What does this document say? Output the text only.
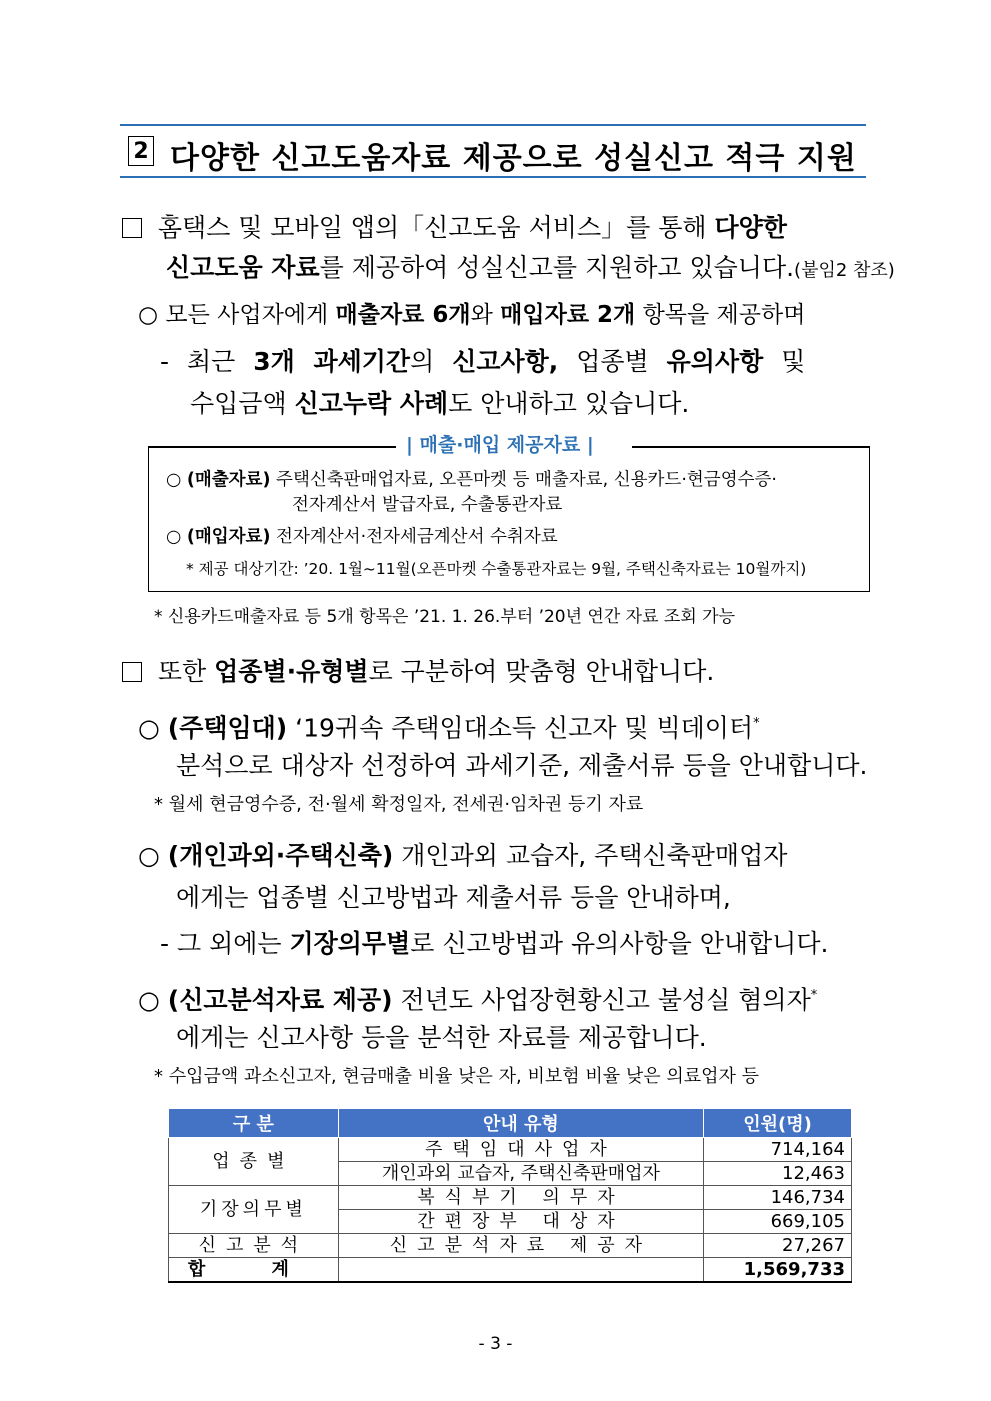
2 다양한 신고도움자료 제공으로 성실신고 적극 지원
홈택스 및 모바일 앱의「신고도움 서비스」를 통해 다양한
신고도움 자료를 제공하여 성실신고를 지원하고 있습니다.(붙임2 참조)
○ 모든 사업자에게 매출자료 6개와 매입자료 2개 항목을 제공하며
- 최근 3개 과세기간의 신고사항, 업종별 유의사항 및
수입금액 신고누락 사례도 안내하고 있습니다.
| 매출·매입 제공자료 |
○ (매출자료) 주택신축판매업자료, 오픈마켓 등 매출자료, 신용카드·현금영수증·
전자계산서 발급자료, 수출통관자료
○ (매입자료) 전자계산서·전자세금계산서 수취자료
* 제공 대상기간: ’20. 1월~11월(오픈마켓 수출통관자료는 9월, 주택신축자료는 10월까지)
* 신용카드매출자료 등 5개 항목은 ’21. 1. 26.부터 ’20년 연간 자료 조회 가능
또한 업종별·유형별로 구분하여 맞춤형 안내합니다.
○ (주택임대) ‘19귀속 주택임대소득 신고자 및 빅데이터*
분석으로 대상자 선정하여 과세기준, 제출서류 등을 안내합니다.
* 월세 현금영수증, 전·월세 확정일자, 전세권·임차권 등기 자료
○ (개인과외·주택신축) 개인과외 교습자, 주택신축판매업자
에게는 업종별 신고방법과 제출서류 등을 안내하며,
- 그 외에는 기장의무별로 신고방법과 유의사항을 안내합니다.
○ (신고분석자료 제공) 전년도 사업장현황신고 불성실 혐의자*
에게는 신고사항 등을 분석한 자료를 제공합니다.
* 수입금액 과소신고자, 현금매출 비율 낮은 자, 비보험 비율 낮은 의료업자 등
구 분	안내 유형	인원(명)
업종별	주택임대사업자	714,164
	개인과외 교습자, 주택신축판매업자	12,463
기장의무별	복식부기 의무자	146,734
	간편장부 대상자	669,105
신고분석	신고분석자료 제공자	27,267
합 계		1,569,733
- 3 -
